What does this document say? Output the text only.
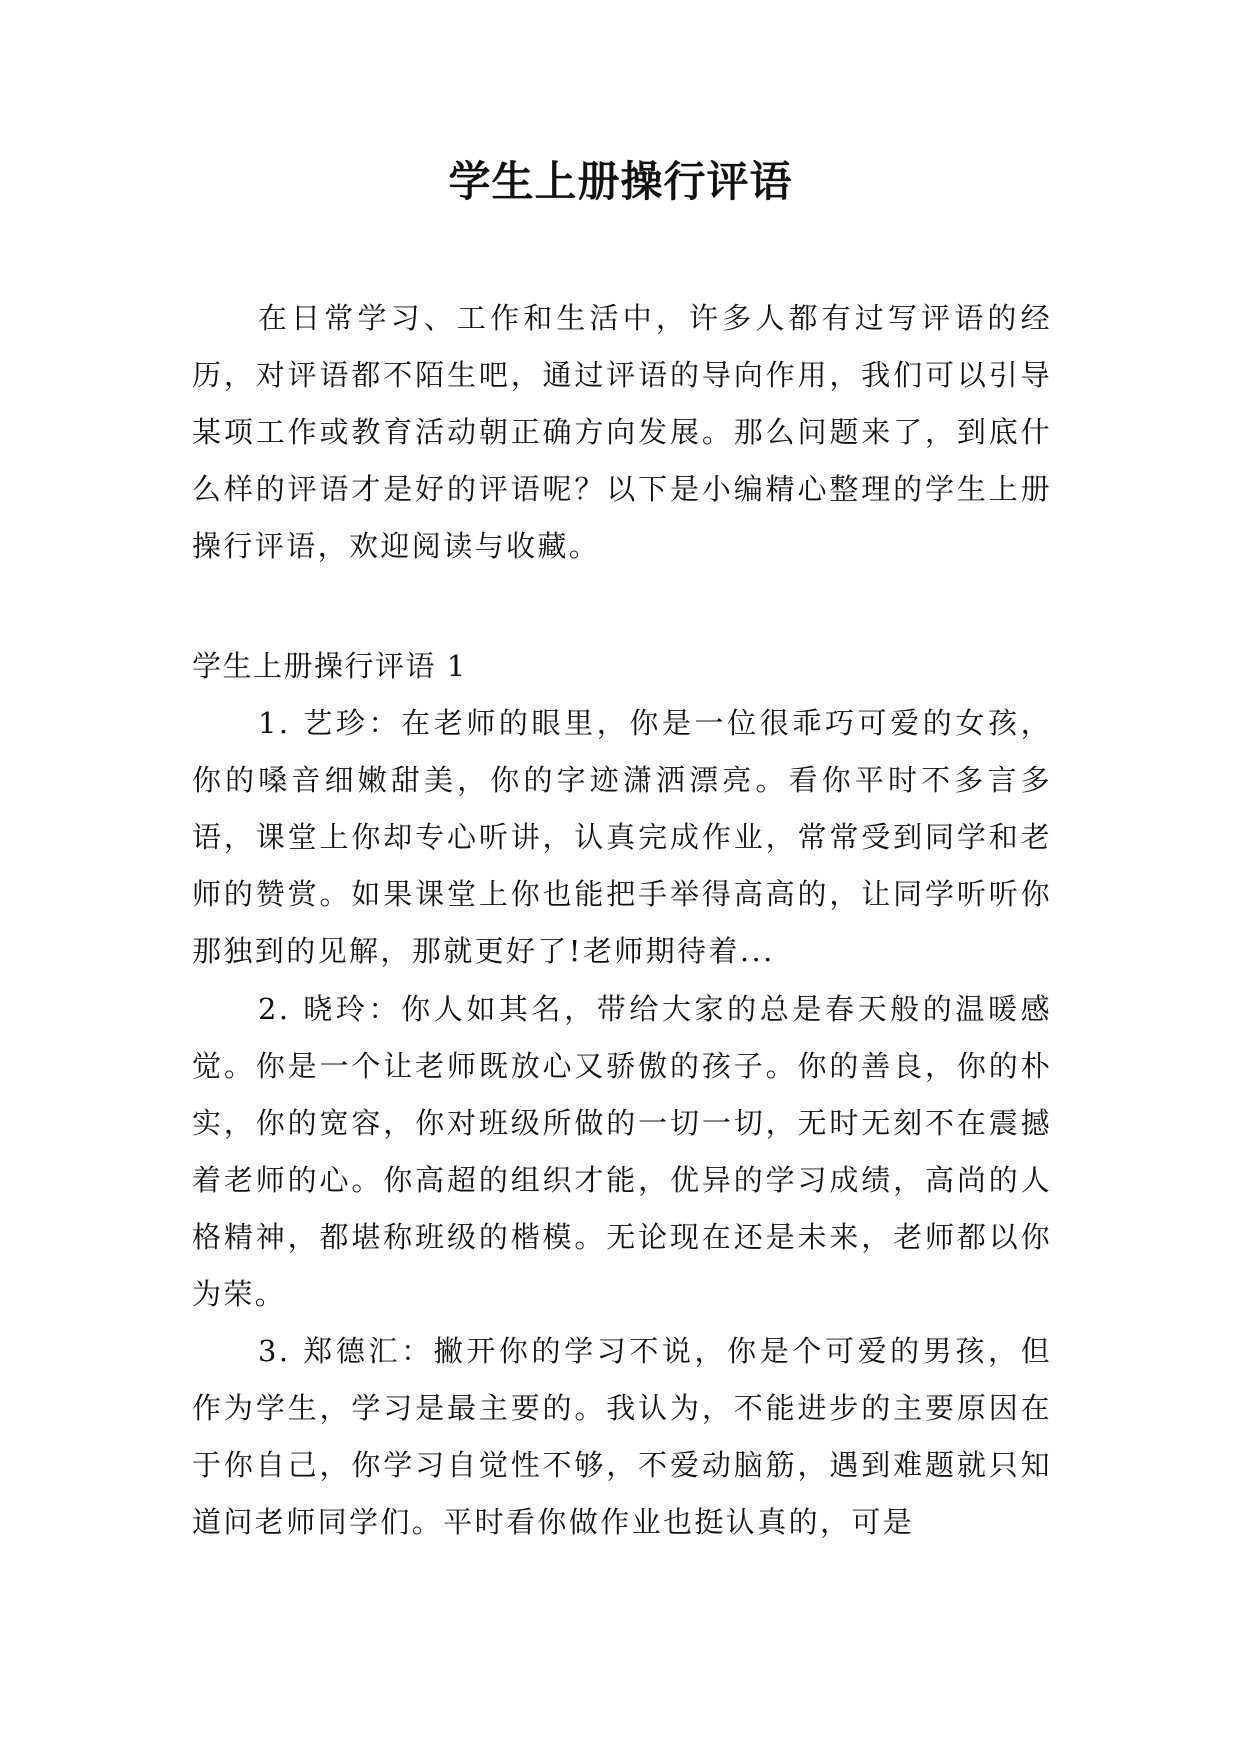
学生上册操行评语

在日常学习、工作和生活中，许多人都有过写评语的经历，对评语都不陌生吧，通过评语的导向作用，我们可以引导某项工作或教育活动朝正确方向发展。那么问题来了，到底什么样的评语才是好的评语呢？以下是小编精心整理的学生上册操行评语，欢迎阅读与收藏。

学生上册操行评语 1

1. 艺珍：在老师的眼里，你是一位很乖巧可爱的女孩，你的嗓音细嫩甜美，你的字迹潇洒漂亮。看你平时不多言多语，课堂上你却专心听讲，认真完成作业，常常受到同学和老师的赞赏。如果课堂上你也能把手举得高高的，让同学听听你那独到的见解，那就更好了!老师期待着...

2. 晓玲：你人如其名，带给大家的总是春天般的温暖感觉。你是一个让老师既放心又骄傲的孩子。你的善良，你的朴实，你的宽容，你对班级所做的一切一切，无时无刻不在震撼着老师的心。你高超的组织才能，优异的学习成绩，高尚的人格精神，都堪称班级的楷模。无论现在还是未来，老师都以你为荣。

3. 郑德汇：撇开你的学习不说，你是个可爱的男孩，但作为学生，学习是最主要的。我认为，不能进步的主要原因在于你自己，你学习自觉性不够，不爱动脑筋，遇到难题就只知道问老师同学们。平时看你做作业也挺认真的，可是
